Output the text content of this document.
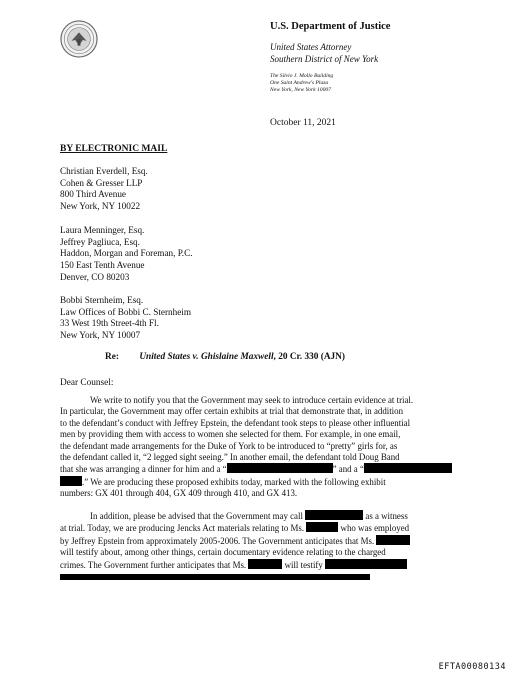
U.S. Department of Justice
United States Attorney
Southern District of New York
The Silvio J. Mollo Building
One Saint Andrew's Plaza
New York, New York 10007
October 11, 2021
BY ELECTRONIC MAIL
Christian Everdell, Esq.
Cohen & Gresser LLP
800 Third Avenue
New York, NY 10022
Laura Menninger, Esq.
Jeffrey Pagliuca, Esq.
Haddon, Morgan and Foreman, P.C.
150 East Tenth Avenue
Denver, CO 80203
Bobbi Sternheim, Esq.
Law Offices of Bobbi C. Sternheim
33 West 19th Street-4th Fl.
New York, NY 10007
Re: United States v. Ghislaine Maxwell, 20 Cr. 330 (AJN)
Dear Counsel:
We write to notify you that the Government may seek to introduce certain evidence at trial.
In particular, the Government may offer certain exhibits at trial that demonstrate that, in addition
to the defendant’s conduct with Jeffrey Epstein, the defendant took steps to please other influential
men by providing them with access to women she selected for them. For example, in one email,
the defendant made arrangements for the Duke of York to be introduced to “pretty” girls for, as
the defendant called it, “2 legged sight seeing.” In another email, the defendant told Doug Band
that she was arranging a dinner for him and a “	” and a “
.” We are producing these proposed exhibits today, marked with the following exhibit
numbers: GX 401 through 404, GX 409 through 410, and GX 413.
In addition, please be advised that the Government may call	as a witness
at trial. Today, we are producing Jencks Act materials relating to Ms.	who was employed
by Jeffrey Epstein from approximately 2005-2006. The Government anticipates that Ms.
will testify about, among other things, certain documentary evidence relating to the charged
crimes. The Government further anticipates that Ms.	will testify
EFTA00080134
